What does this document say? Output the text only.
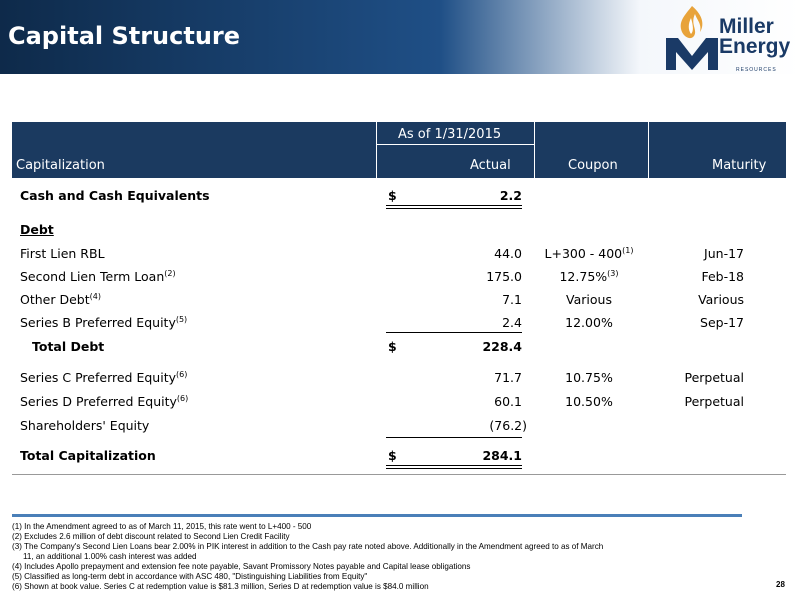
Capital Structure
RESOURCES
Miller
Energy
As of 1/31/2015
Capitalization	Actual	Coupon	Maturity
Cash and Cash Equivalents	$	2.2
Debt
First Lien RBL	44.0	L+300 - 400$^{(1)}$	Jun-17
Second Lien Term Loan$^{(2)}$	175.0	12.75%$^{(3)}$	Feb-18
Other Debt$^{(4)}$	7.1	Various	Various
Series B Preferred Equity$^{(5)}$	2.4	12.00%	Sep-17
Total Debt	$	228.4
Series C Preferred Equity$^{(6)}$	71.7	10.75%	Perpetual
Series D Preferred Equity$^{(6)}$	60.1	10.50%	Perpetual
Shareholders' Equity	(76.2)
Total Capitalization	$	284.1
(1) In the Amendment agreed to as of March 11, 2015, this rate went to L+400 - 500
(2) Excludes 2.6 million of debt discount related to Second Lien Credit Facility
(3) The Company's Second Lien Loans bear 2.00% in PIK interest in addition to the Cash pay rate noted above. Additionally in the Amendment agreed to as of March
11, an additional 1.00% cash interest was added
(4) Includes Apollo prepayment and extension fee note payable, Savant Promissory Notes payable and Capital lease obligations
(5) Classified as long-term debt in accordance with ASC 480, "Distinguishing Liabilities from Equity"
(6) Shown at book value. Series C at redemption value is $81.3 million, Series D at redemption value is $84.0 million	28
